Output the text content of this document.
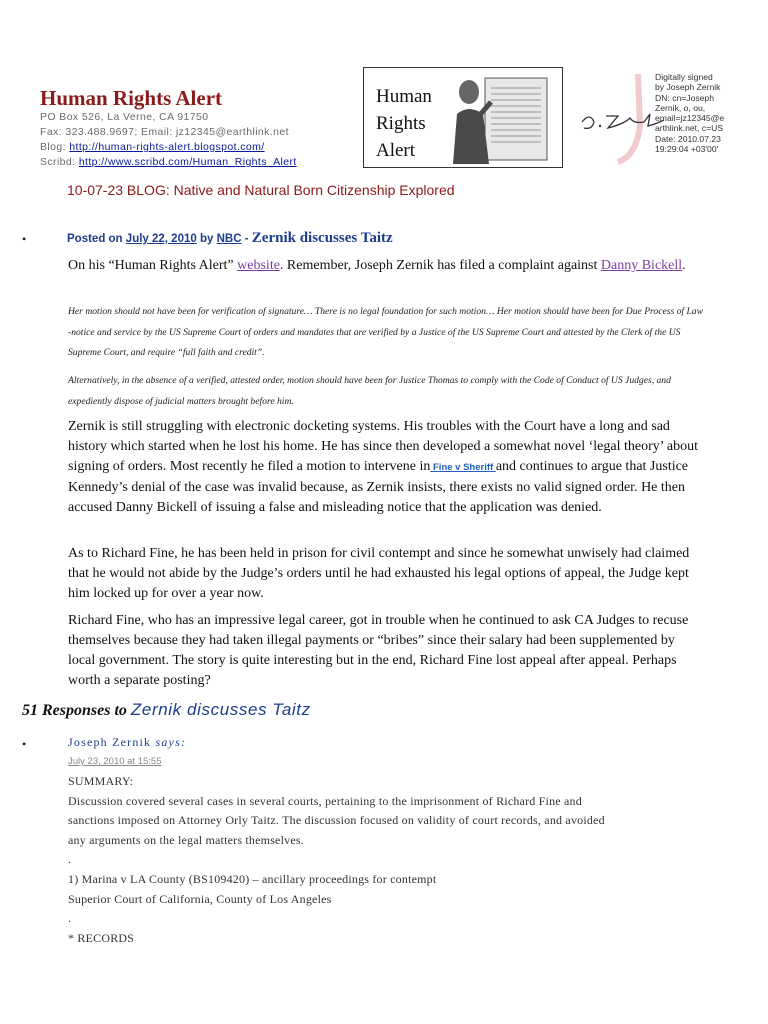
Human Rights Alert
PO Box 526, La Verne, CA 91750
Fax: 323.488.9697; Email: jz12345@earthlink.net
Blog: http://human-rights-alert.blogspot.com/
Scribd: http://www.scribd.com/Human_Rights_Alert
Human
Rights
Alert
Digitally signed
by Joseph Zernik
DN: cn=Joseph
Zernik, o, ou,
email=jz12345@e
arthlink.net, c=US
Date: 2010.07.23
19:29:04 +03'00'
10-07-23 BLOG: Native and Natural Born Citizenship Explored
•	Posted on July 22, 2010 by NBC - Zernik discusses Taitz
On his “Human Rights Alert” website. Remember, Joseph Zernik has filed a complaint against Danny Bickell.
Her motion should not have been for verification of signature… There is no legal foundation for such motion… Her motion should have been for Due Process of Law -notice and service by the US Supreme Court of orders and mandates that are verified by a Justice of the US Supreme Court and attested by the Clerk of the US Supreme Court, and require “full faith and credit”.
Alternatively, in the absence of a verified, attested order, motion should have been for Justice Thomas to comply with the Code of Conduct of US Judges, and expediently dispose of judicial matters brought before him.
Zernik is still struggling with electronic docketing systems. His troubles with the Court have a long and sad history which started when he lost his home. He has since then developed a somewhat novel ‘legal theory’ about signing of orders. Most recently he filed a motion to intervene in Fine v Sheriff and continues to argue that Justice Kennedy’s denial of the case was invalid because, as Zernik insists, there exists no valid signed order. He then accused Danny Bickell of issuing a false and misleading notice that the application was denied.
As to Richard Fine, he has been held in prison for civil contempt and since he somewhat unwisely had claimed that he would not abide by the Judge’s orders until he had exhausted his legal options of appeal, the Judge kept him locked up for over a year now.
Richard Fine, who has an impressive legal career, got in trouble when he continued to ask CA Judges to recuse themselves because they had taken illegal payments or “bribes” since their salary had been supplemented by local government. The story is quite interesting but in the end, Richard Fine lost appeal after appeal. Perhaps worth a separate posting?
51 Responses to Zernik discusses Taitz
•	Joseph Zernik says:
July 23, 2010 at 15:55
SUMMARY:
Discussion covered several cases in several courts, pertaining to the imprisonment of Richard Fine and
sanctions imposed on Attorney Orly Taitz. The discussion focused on validity of court records, and avoided
any arguments on the legal matters themselves.
.
1) Marina v LA County (BS109420) – ancillary proceedings for contempt
Superior Court of California, County of Los Angeles
.
* RECORDS
